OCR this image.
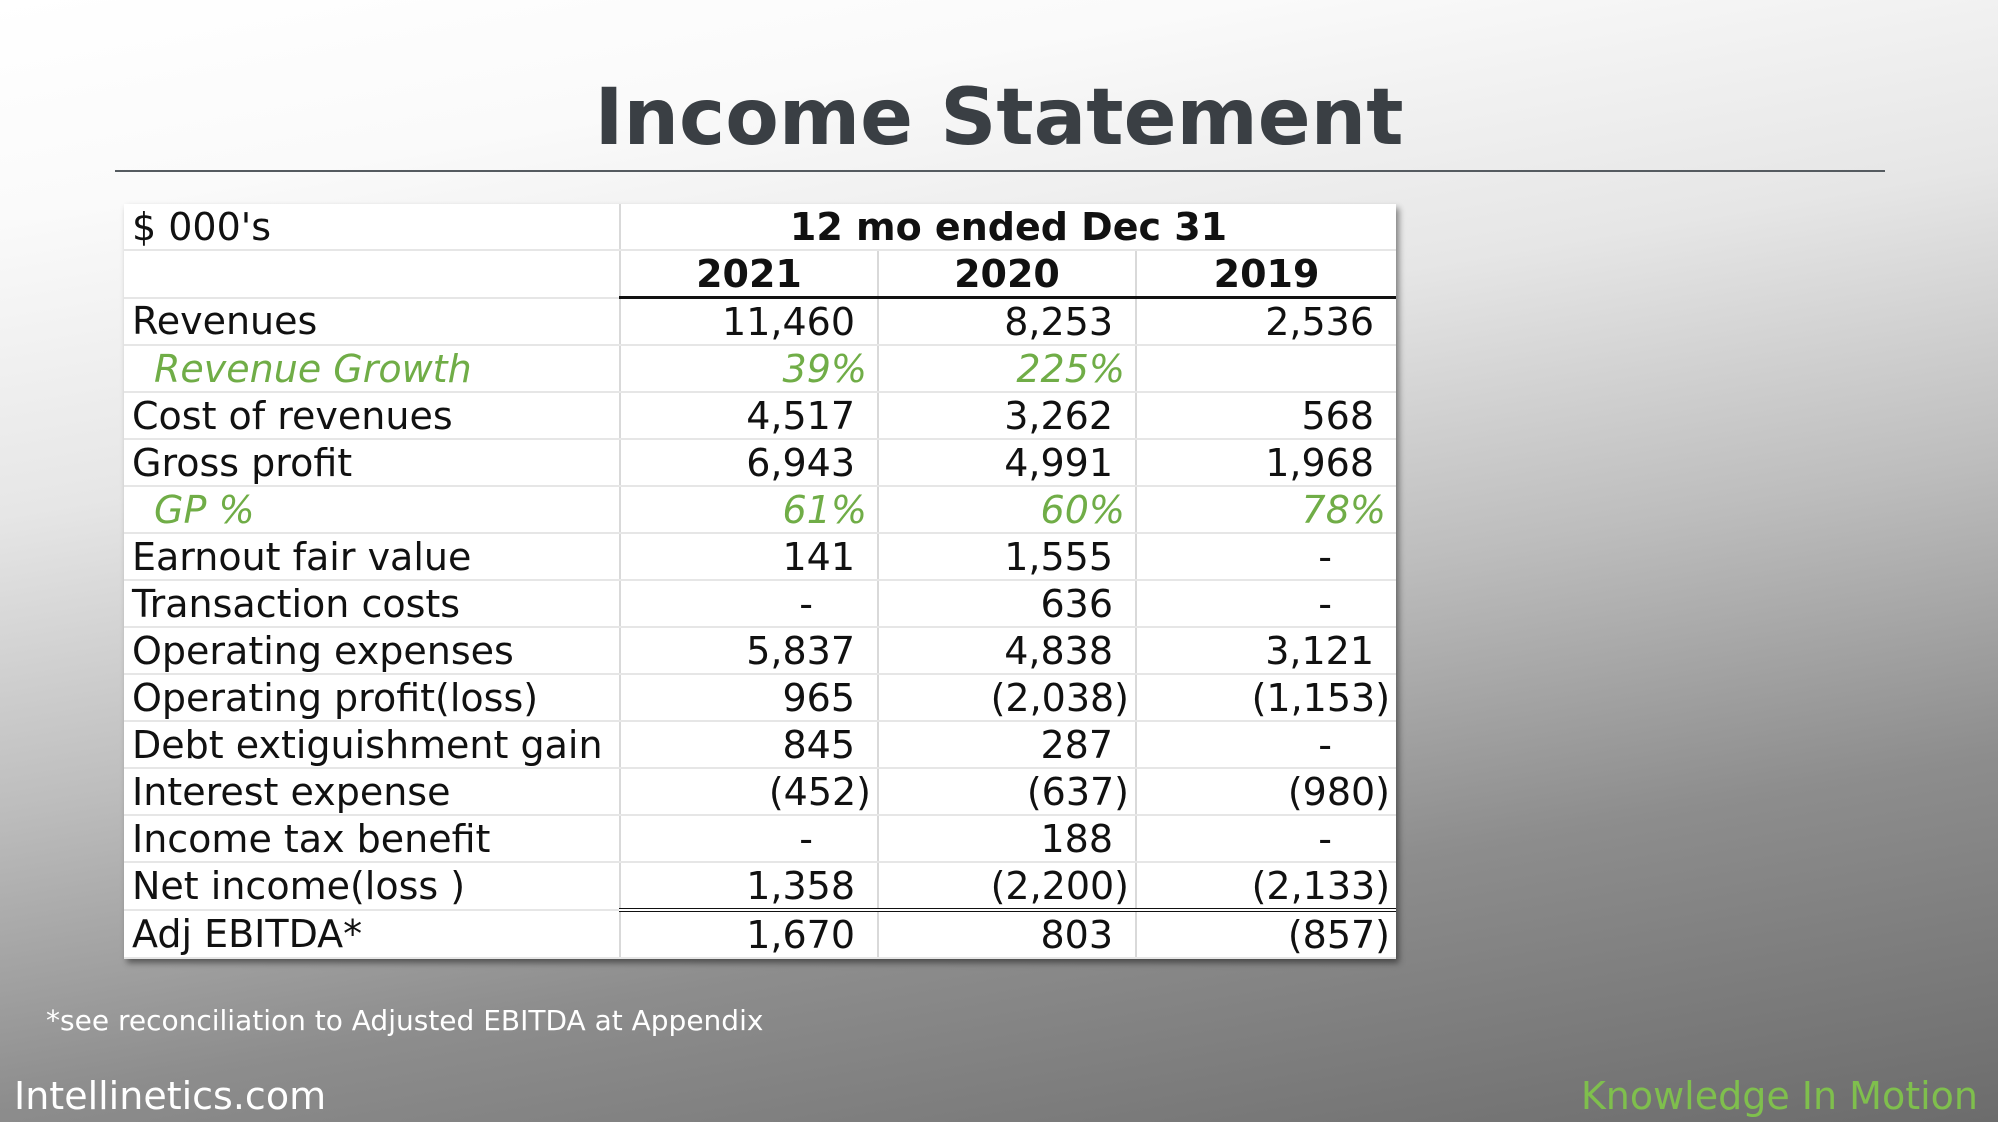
Income Statement
$ 000's	12 mo ended Dec 31		
	2021	2020	2019
Revenues	11,460	8,253	2,536
Revenue Growth	39%	225%	
Cost of revenues	4,517	3,262	568
Gross profit	6,943	4,991	1,968
GP %	61%	60%	78%
Earnout fair value	141	1,555	-
Transaction costs	-	636	-
Operating expenses	5,837	4,838	3,121
Operating profit(loss)	965	(2,038)	(1,153)
Debt extiguishment gain	845	287	-
Interest expense	(452)	(637)	(980)
Income tax benefit	-	188	-
Net income(loss )	1,358	(2,200)	(2,133)
Adj EBITDA*	1,670	803	(857)
*see reconciliation to Adjusted EBITDA at Appendix
Intellinetics.com	Knowledge In Motion
